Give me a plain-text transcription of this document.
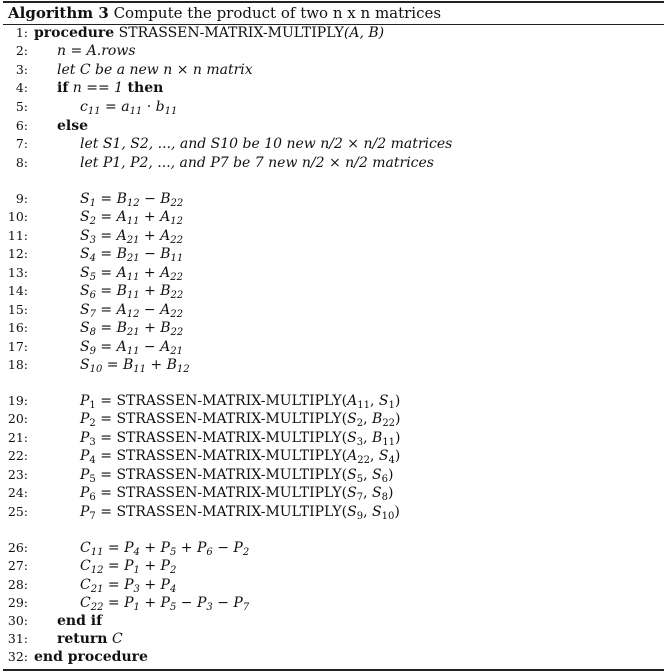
Algorithm 3 Compute the product of two n x n matrices
1: procedure STRASSEN-MATRIX-MULTIPLY(A, B)
2: n = A.rows
3: let C be a new n × n matrix
4: if n == 1 then
5:	$c_{11} = a_{11} \cdot b_{11}$
6: else
7:	let S1, S2, ..., and S10 be 10 new n/2 × n/2 matrices
8:	let P1, P2, ..., and P7 be 7 new n/2 × n/2 matrices
9:	$S_1 = B_{12} - B_{22}$
10:	$S_2 = A_{11} + A_{12}$
11:	$S_3 = A_{21} + A_{22}$
12:	$S_4 = B_{21} - B_{11}$
13:	$S_5 = A_{11} + A_{22}$
14:	$S_6 = B_{11} + B_{22}$
15:	$S_7 = A_{12} - A_{22}$
16:	$S_8 = B_{21} + B_{22}$
17:	$S_9 = A_{11} - A_{21}$
18:	$S_{10} = B_{11} + B_{12}$
19:	$P_1$ = STRASSEN-$MATRIX-MULTIPLY(A_{11}$, $S_1$)
20:	$P_2$ = STRASSEN-$MATRIX-MULTIPLY(S_2$, $B_{22}$)
21:	$P_3$ = STRASSEN-$MATRIX-MULTIPLY(S_3$, $B_{11}$)
22:	$P_4$ = STRASSEN-$MATRIX-MULTIPLY(A_{22}$, $S_4$)
23:	$P_5$ = STRASSEN-$MATRIX-MULTIPLY(S_5$, $S_6$)
24:	$P_6$ = STRASSEN-$MATRIX-MULTIPLY(S_7$, $S_8$)
25:	$P_7$ = STRASSEN-$MATRIX-MULTIPLY(S_9$, $S_{10}$)
26:	$C_{11} = P_4 + P_5 + P_6 - P_2$
27:	$C_{12} = P_1 + P_2$
28:	$C_{21} = P_3 + P_4$
29:	$C_{22} = P_1 + P_5 - P_3 - P_7$
30: end if
31: return C
32: end procedure
